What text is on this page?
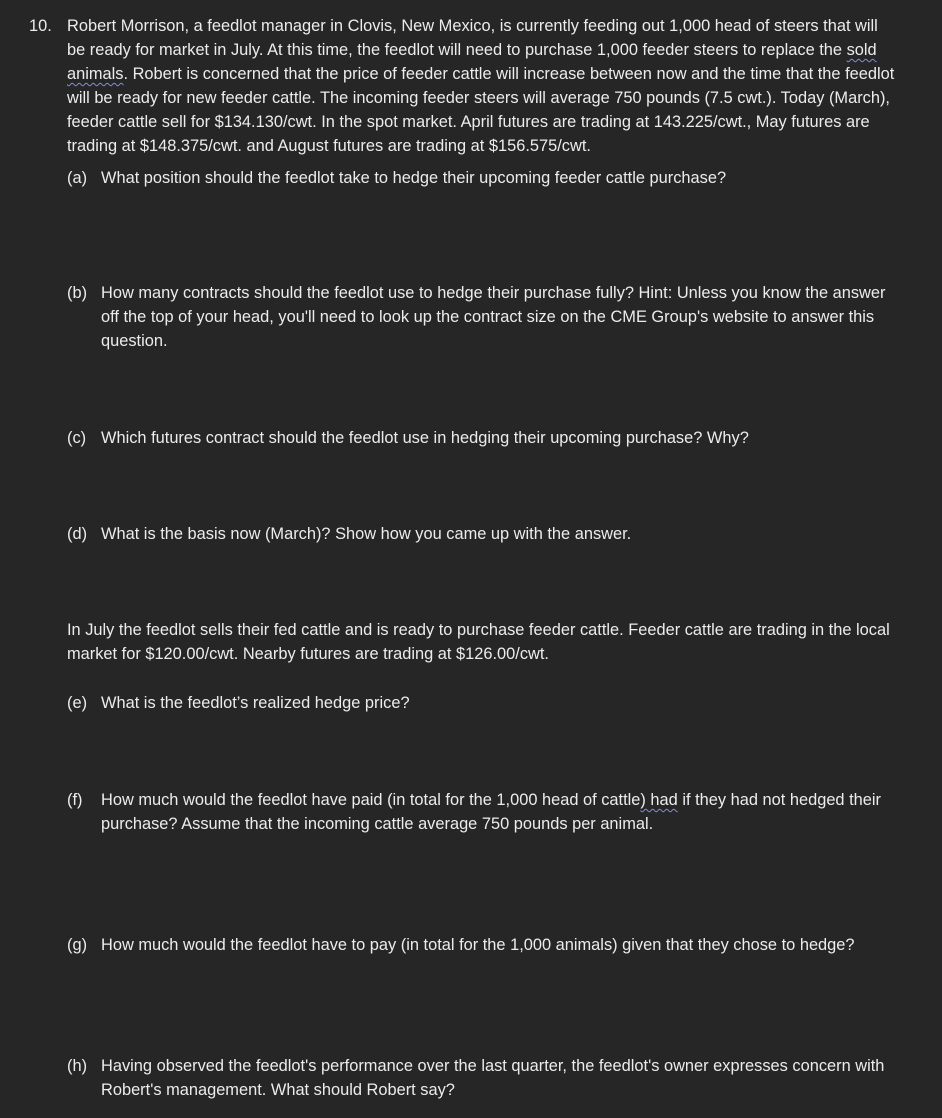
10. Robert Morrison, a feedlot manager in Clovis, New Mexico, is currently feeding out 1,000 head of steers that will be ready for market in July. At this time, the feedlot will need to purchase 1,000 feeder steers to replace the sold animals. Robert is concerned that the price of feeder cattle will increase between now and the time that the feedlot will be ready for new feeder cattle. The incoming feeder steers will average 750 pounds (7.5 cwt.). Today (March), feeder cattle sell for $134.130/cwt. In the spot market. April futures are trading at 143.225/cwt., May futures are trading at $148.375/cwt. and August futures are trading at $156.575/cwt.
(a) What position should the feedlot take to hedge their upcoming feeder cattle purchase?
(b) How many contracts should the feedlot use to hedge their purchase fully? Hint: Unless you know the answer off the top of your head, you'll need to look up the contract size on the CME Group's website to answer this question.
(c) Which futures contract should the feedlot use in hedging their upcoming purchase? Why?
(d) What is the basis now (March)? Show how you came up with the answer.
In July the feedlot sells their fed cattle and is ready to purchase feeder cattle. Feeder cattle are trading in the local market for $120.00/cwt. Nearby futures are trading at $126.00/cwt.
(e) What is the feedlot’s realized hedge price?
(f) How much would the feedlot have paid (in total for the 1,000 head of cattle) had if they had not hedged their purchase? Assume that the incoming cattle average 750 pounds per animal.
(g) How much would the feedlot have to pay (in total for the 1,000 animals) given that they chose to hedge?
(h) Having observed the feedlot's performance over the last quarter, the feedlot's owner expresses concern with Robert's management. What should Robert say?
